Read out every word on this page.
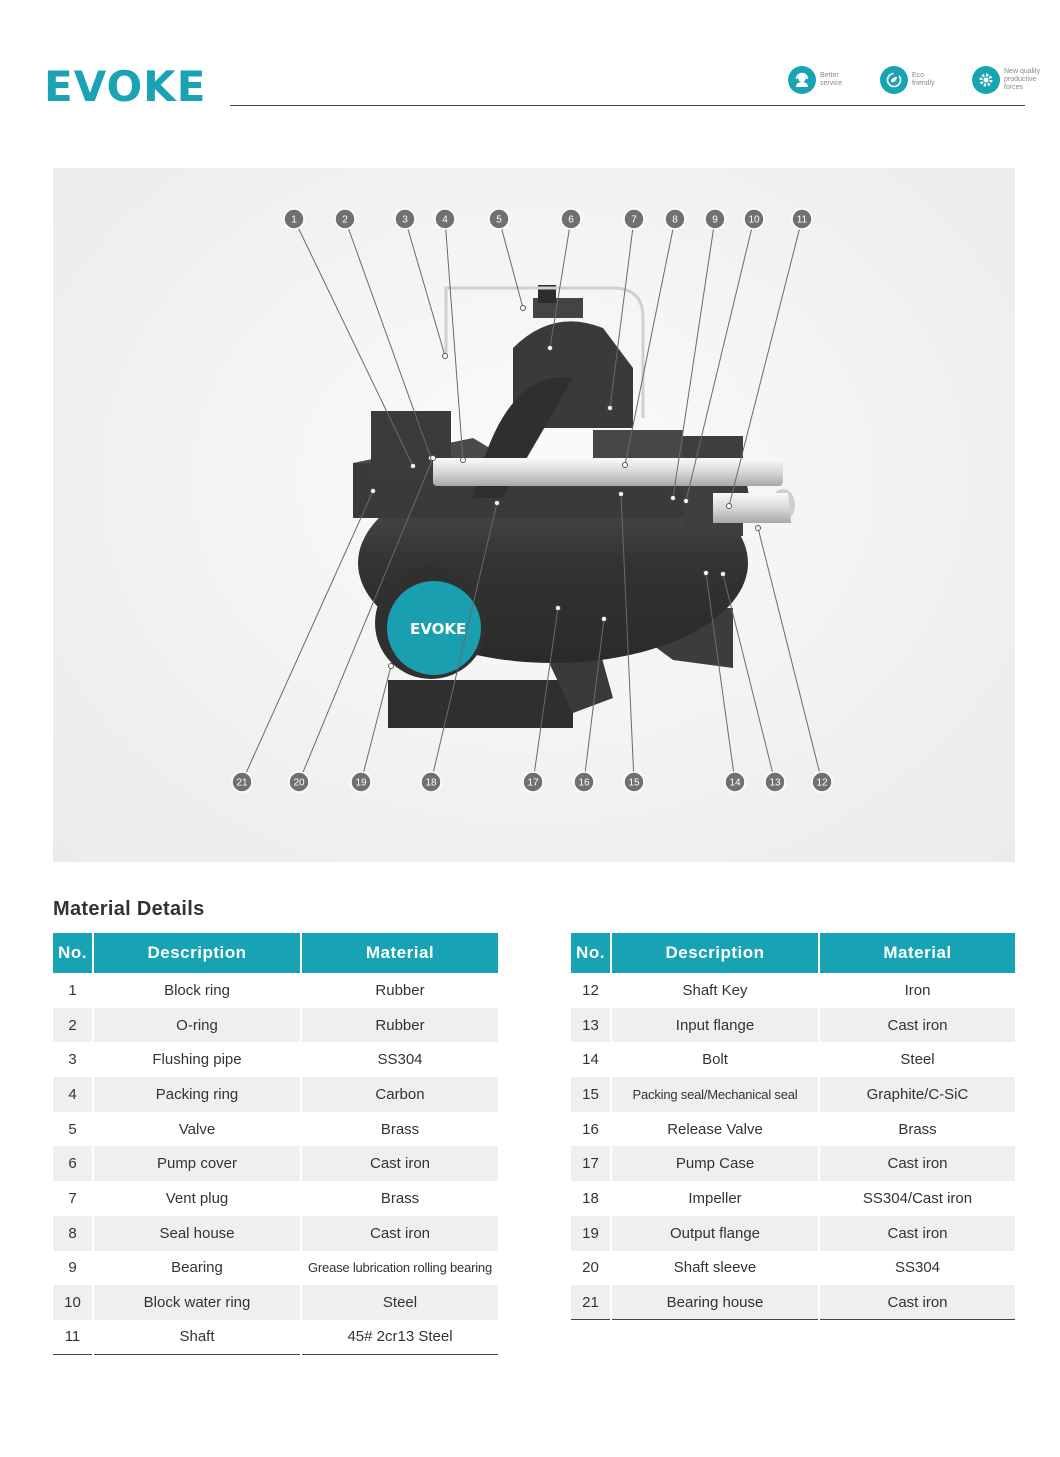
EVOKE	Better
service
Eco
friendly
New quality
productive
forces
EVOKE
1	2	3	4	5	6	7	8	9	10	11
21	20	19	18	17	16	15	14	13	12
Material Details
No.	Description	Material
1	Block ring	Rubber
2	O-ring	Rubber
3	Flushing pipe	SS304
4	Packing ring	Carbon
5	Valve	Brass
6	Pump cover	Cast iron
7	Vent plug	Brass
8	Seal house	Cast iron
9	Bearing	Grease lubrication rolling bearing
10	Block water ring	Steel
11	Shaft	45# 2cr13 Steel
No.	Description	Material
12	Shaft Key	Iron
13	Input flange	Cast iron
14	Bolt	Steel
15	Packing seal/Mechanical seal	Graphite/C-SiC
16	Release Valve	Brass
17	Pump Case	Cast iron
18	Impeller	SS304/Cast iron
19	Output flange	Cast iron
20	Shaft sleeve	SS304
21	Bearing house	Cast iron
